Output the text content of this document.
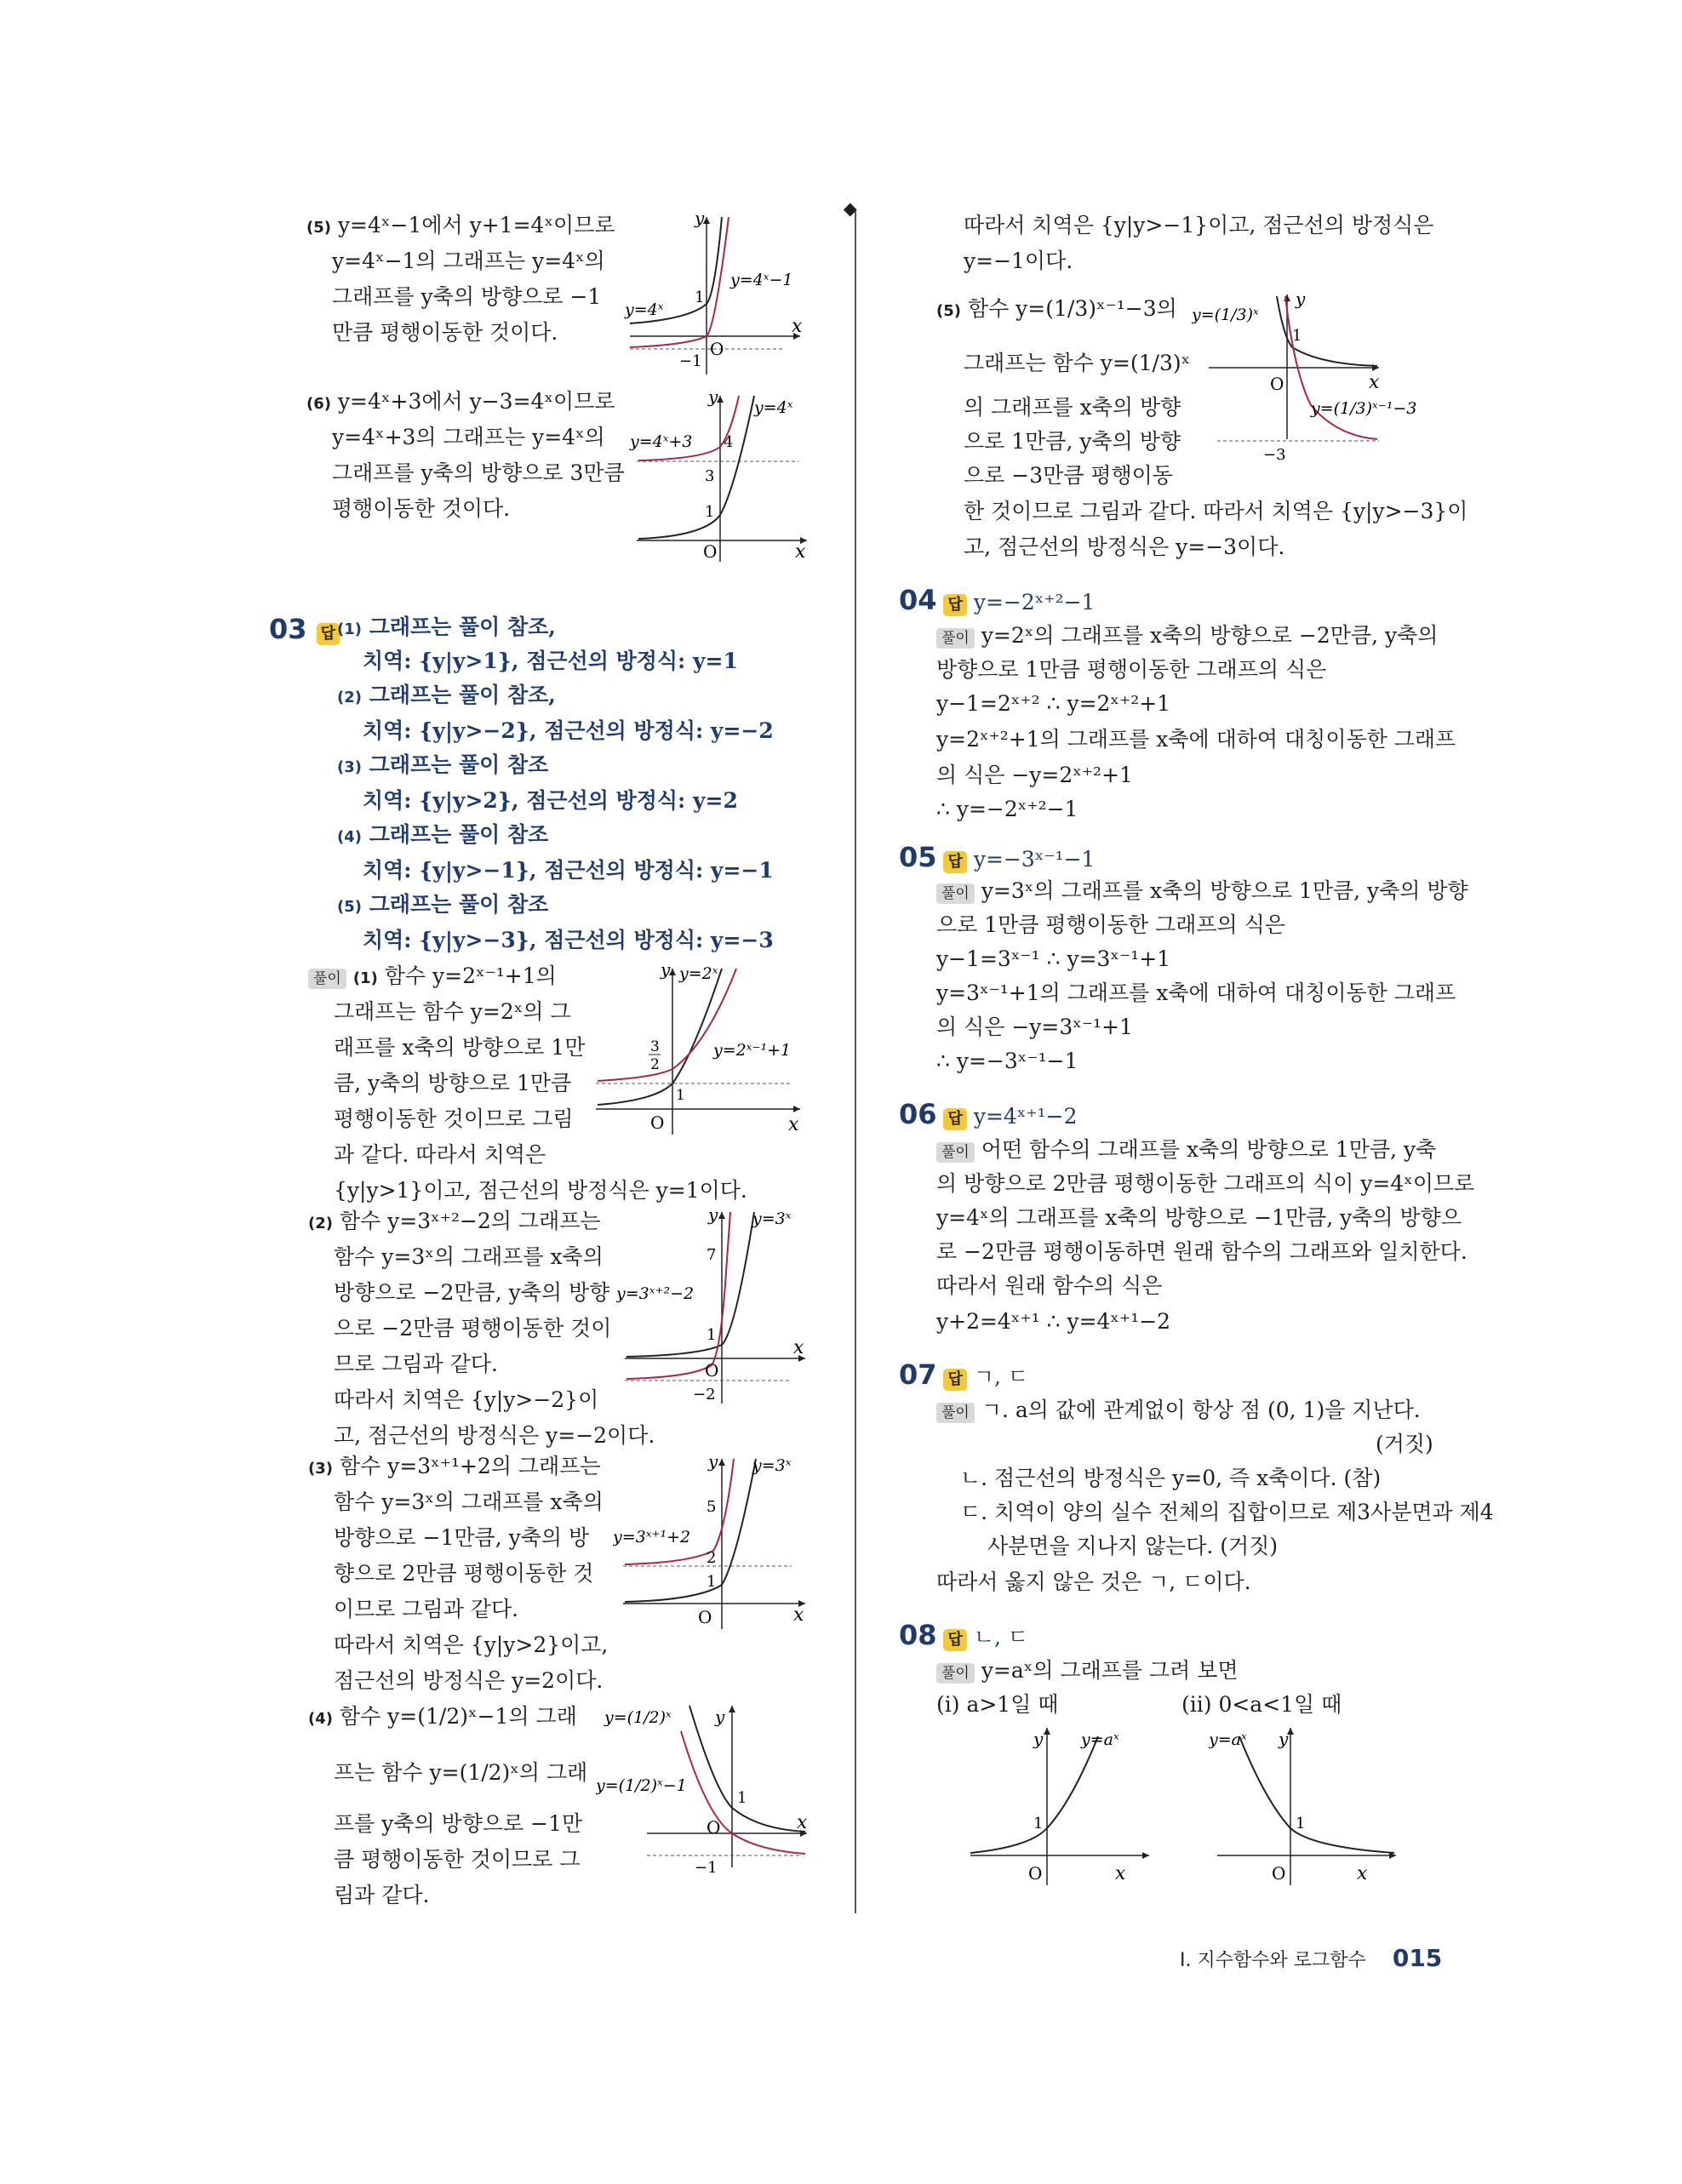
(5) y=4ˣ−1에서 y+1=4ˣ이므로
y=4ˣ−1의 그래프는 y=4ˣ의
그래프를 y축의 방향으로 −1
만큼 평행이동한 것이다.
y
x
O
1
−1
y=4ˣ
y=4ˣ−1
(6) y=4ˣ+3에서 y−3=4ˣ이므로
y=4ˣ+3의 그래프는 y=4ˣ의
그래프를 y축의 방향으로 3만큼
평행이동한 것이다.
y
x
O
4
3
1
y=4ˣ
y=4ˣ+3
03 답 (1) 그래프는 풀이 참조,
치역: {y|y>1}, 점근선의 방정식: y=1
(2) 그래프는 풀이 참조,
치역: {y|y>−2}, 점근선의 방정식: y=−2
(3) 그래프는 풀이 참조
치역: {y|y>2}, 점근선의 방정식: y=2
(4) 그래프는 풀이 참조
치역: {y|y>−1}, 점근선의 방정식: y=−1
(5) 그래프는 풀이 참조
치역: {y|y>−3}, 점근선의 방정식: y=−3
풀이 (1) 함수 y=2ˣ⁻¹+1의
그래프는 함수 y=2ˣ의 그
래프를 x축의 방향으로 1만
큼, y축의 방향으로 1만큼
평행이동한 것이므로 그림
과 같다. 따라서 치역은
{y|y>1}이고, 점근선의 방정식은 y=1이다.
y
x
O
3
2
1
y=2ˣ
y=2ˣ⁻¹+1
(2) 함수 y=3ˣ⁺²−2의 그래프는
함수 y=3ˣ의 그래프를 x축의
방향으로 −2만큼, y축의 방향
으로 −2만큼 평행이동한 것이
므로 그림과 같다.
따라서 치역은 {y|y>−2}이
고, 점근선의 방정식은 y=−2이다.
y
x
O
7
1
−2
y=3ˣ
y=3ˣ⁺²−2
(3) 함수 y=3ˣ⁺¹+2의 그래프는
함수 y=3ˣ의 그래프를 x축의
방향으로 −1만큼, y축의 방
향으로 2만큼 평행이동한 것
이므로 그림과 같다.
따라서 치역은 {y|y>2}이고,
점근선의 방정식은 y=2이다.
y
x
O
5
2
1
y=3ˣ
y=3ˣ⁺¹+2
(4) 함수 y=(1/2)ˣ−1의 그래
프는 함수 y=(1/2)ˣ의 그래
프를 y축의 방향으로 −1만
큼 평행이동한 것이므로 그
림과 같다.
y
x
O
1
−1
y=(1/2)ˣ
y=(1/2)ˣ−1
⯁
따라서 치역은 {y|y>−1}이고, 점근선의 방정식은
y=−1이다.
(5) 함수 y=(1/3)ˣ⁻¹−3의
그래프는 함수 y=(1/3)ˣ
의 그래프를 x축의 방향
으로 1만큼, y축의 방향
으로 −3만큼 평행이동
한 것이므로 그림과 같다. 따라서 치역은 {y|y>−3}이
고, 점근선의 방정식은 y=−3이다.
y
x
O
1
−3
y=(1/3)ˣ
y=(1/3)ˣ⁻¹−3
04 답 y=−2ˣ⁺²−1
풀이 y=2ˣ의 그래프를 x축의 방향으로 −2만큼, y축의
방향으로 1만큼 평행이동한 그래프의 식은
y−1=2ˣ⁺² ∴ y=2ˣ⁺²+1
y=2ˣ⁺²+1의 그래프를 x축에 대하여 대칭이동한 그래프
의 식은 −y=2ˣ⁺²+1
∴ y=−2ˣ⁺²−1
05 답 y=−3ˣ⁻¹−1
풀이 y=3ˣ의 그래프를 x축의 방향으로 1만큼, y축의 방향
으로 1만큼 평행이동한 그래프의 식은
y−1=3ˣ⁻¹ ∴ y=3ˣ⁻¹+1
y=3ˣ⁻¹+1의 그래프를 x축에 대하여 대칭이동한 그래프
의 식은 −y=3ˣ⁻¹+1
∴ y=−3ˣ⁻¹−1
06 답 y=4ˣ⁺¹−2
풀이 어떤 함수의 그래프를 x축의 방향으로 1만큼, y축
의 방향으로 2만큼 평행이동한 그래프의 식이 y=4ˣ이므로
y=4ˣ의 그래프를 x축의 방향으로 −1만큼, y축의 방향으
로 −2만큼 평행이동하면 원래 함수의 그래프와 일치한다.
따라서 원래 함수의 식은
y+2=4ˣ⁺¹ ∴ y=4ˣ⁺¹−2
07 답 ㄱ, ㄷ
풀이 ㄱ. a의 값에 관계없이 항상 점 (0, 1)을 지난다.
(거짓)
ㄴ. 점근선의 방정식은 y=0, 즉 x축이다. (참)
ㄷ. 치역이 양의 실수 전체의 집합이므로 제3사분면과 제4
사분면을 지나지 않는다. (거짓)
따라서 옳지 않은 것은 ㄱ, ㄷ이다.
08 답 ㄴ, ㄷ
풀이 y=aˣ의 그래프를 그려 보면
(ⅰ) a>1일 때	(ⅱ) 0<a<1일 때
y
x
O
1
y=aˣ	y
x
O
1
y=aˣ
Ⅰ. 지수함수와 로그함수 015
